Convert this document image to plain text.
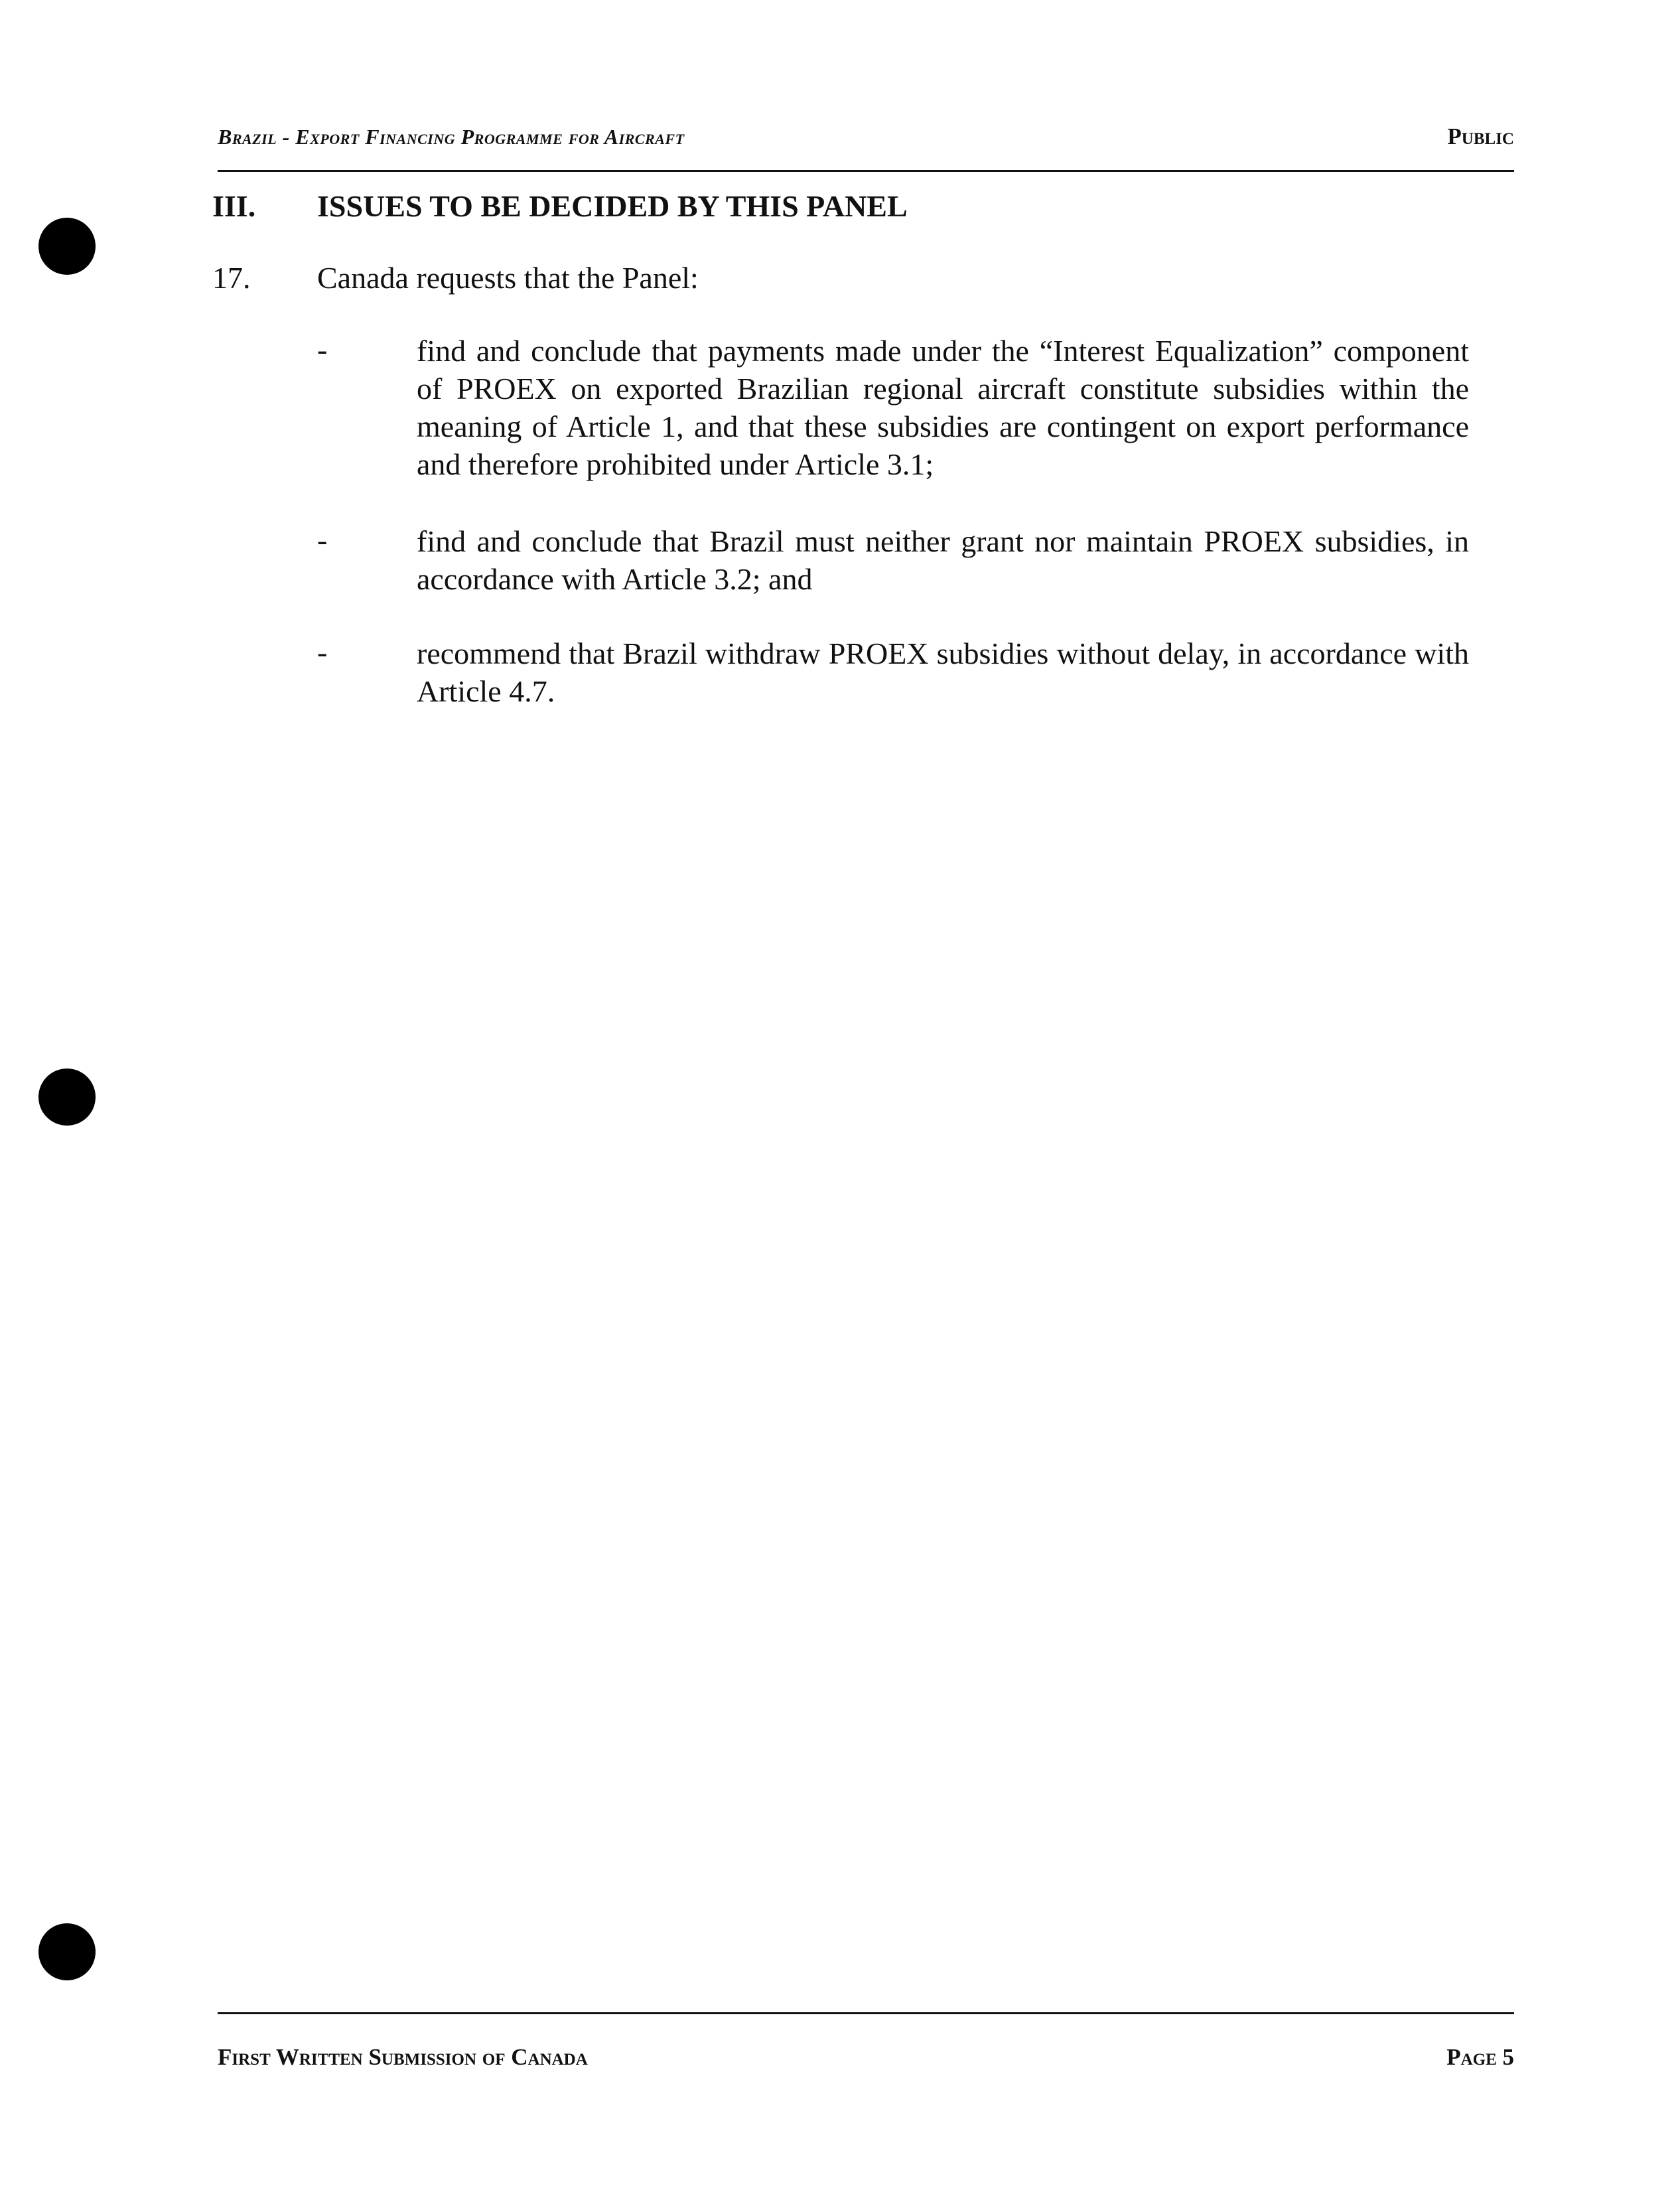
Brazil - Export Financing Programme for Aircraft	Public
III. ISSUES TO BE DECIDED BY THIS PANEL
17. Canada requests that the Panel:
-	find and conclude that payments made under the “Interest Equalization” component of PROEX on exported Brazilian regional aircraft constitute subsidies within the meaning of Article 1, and that these subsidies are contingent on export performance and therefore prohibited under Article 3.1;
-	find and conclude that Brazil must neither grant nor maintain PROEX subsidies, in accordance with Article 3.2; and
-	recommend that Brazil withdraw PROEX subsidies without delay, in accordance with Article 4.7.
First Written Submission of Canada	Page 5
